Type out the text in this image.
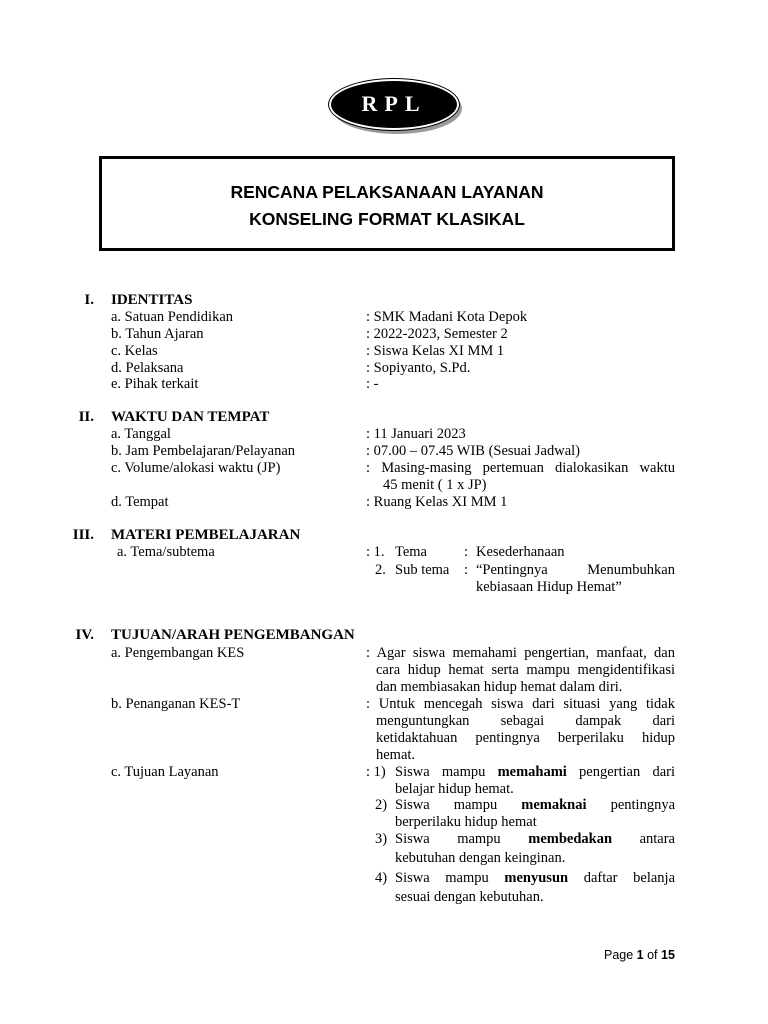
RPL
RENCANA PELAKSANAAN LAYANAN
KONSELING FORMAT KLASIKAL
I. IDENTITAS
a. Satuan Pendidikan	: SMK Madani Kota Depok
b. Tahun Ajaran	: 2022-2023, Semester 2
c. Kelas	: Siswa Kelas XI MM 1
d. Pelaksana	: Sopiyanto, S.Pd.
e. Pihak terkait	: -
II. WAKTU DAN TEMPAT
a. Tanggal	: 11 Januari 2023
b. Jam Pembelajaran/Pelayanan	: 07.00 – 07.45 WIB (Sesuai Jadwal)
c. Volume/alokasi waktu (JP)	: Masing-masing pertemuan dialokasikan waktu
45 menit ( 1 x JP)
d. Tempat	: Ruang Kelas XI MM 1
III. MATERI PEMBELAJARAN
a. Tema/subtema	: 1. Tema	: Kesederhanaan
2. Sub tema : “Pentingnya Menumbuhkan
kebiasaan Hidup Hemat”
IV. TUJUAN/ARAH PENGEMBANGAN
a. Pengembangan KES	: Agar siswa memahami pengertian, manfaat, dan
cara hidup hemat serta mampu mengidentifikasi
dan membiasakan hidup hemat dalam diri.
b. Penanganan KES-T	: Untuk mencegah siswa dari situasi yang tidak
menguntungkan sebagai dampak dari
ketidaktahuan pentingnya berperilaku hidup
hemat.
c. Tujuan Layanan	: 1) Siswa mampu memahami pengertian dari
belajar hidup hemat.
2) Siswa mampu memaknai pentingnya
berperilaku hidup hemat
3) Siswa mampu membedakan antara
kebutuhan dengan keinginan.
4) Siswa mampu menyusun daftar belanja
sesuai dengan kebutuhan.
Page 1 of 15
